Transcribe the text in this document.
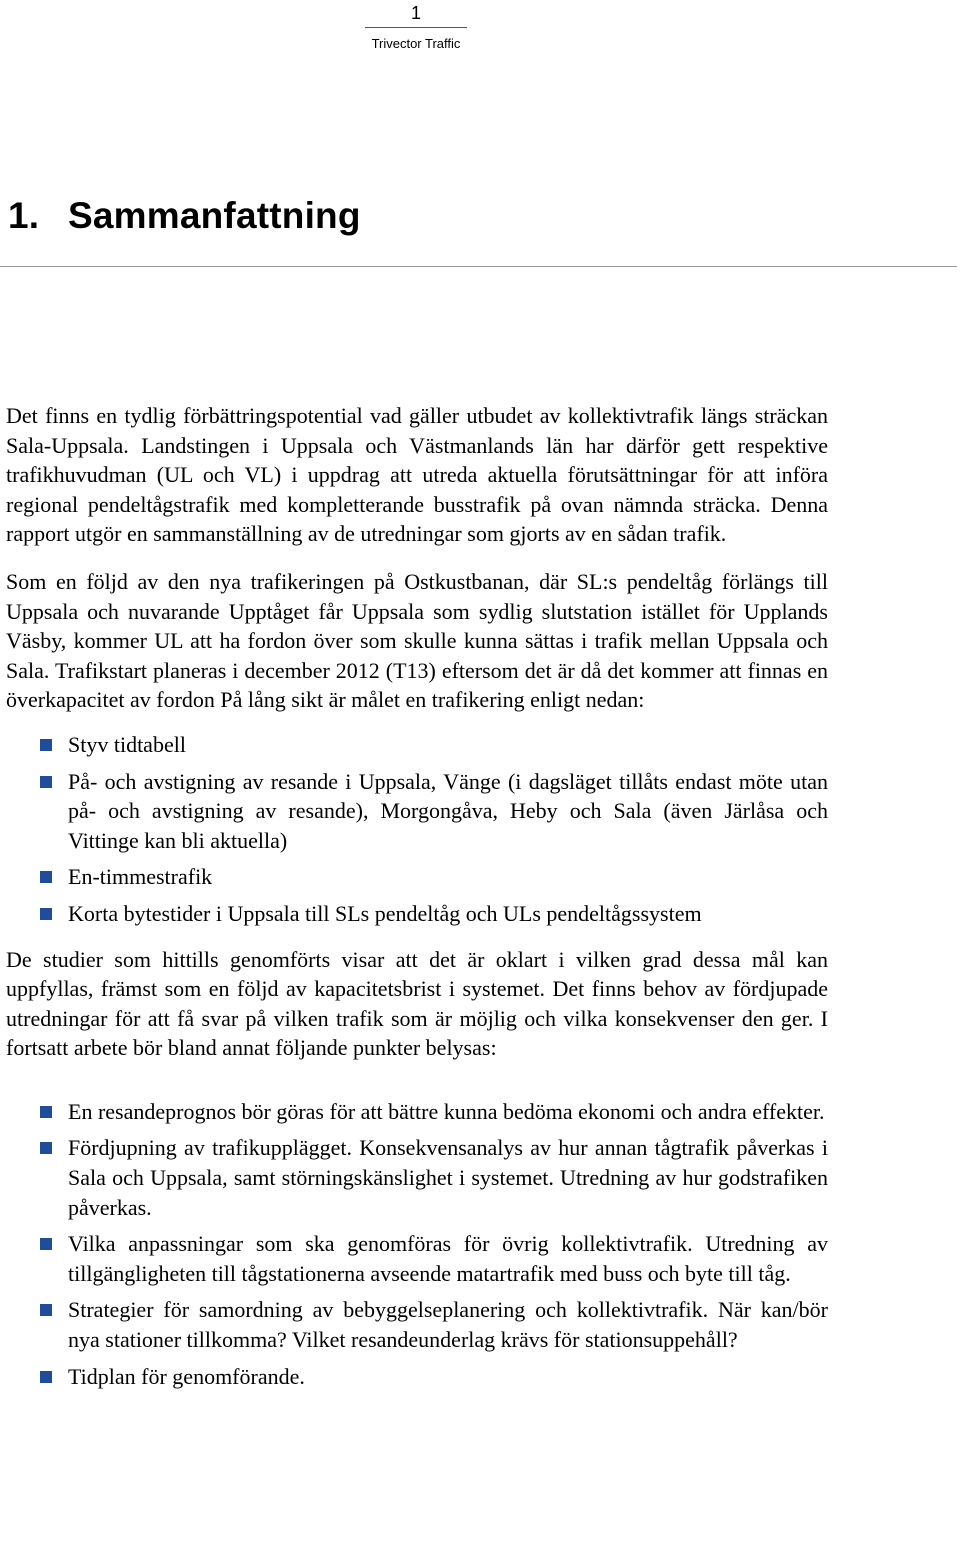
1
Trivector Traffic
1. Sammanfattning

Det finns en tydlig förbättringspotential vad gäller utbudet av kollektivtrafik längs sträckan Sala-Uppsala. Landstingen i Uppsala och Västmanlands län har därför gett respektive trafikhuvudman (UL och VL) i uppdrag att utreda aktuella förutsättningar för att införa regional pendeltågstrafik med kompletterande busstrafik på ovan nämnda sträcka. Denna rapport utgör en sammanställning av de utredningar som gjorts av en sådan trafik.

Som en följd av den nya trafikeringen på Ostkustbanan, där SL:s pendeltåg förlängs till Uppsala och nuvarande Upptåget får Uppsala som sydlig slutstation istället för Upplands Väsby, kommer UL att ha fordon över som skulle kunna sättas i trafik mellan Uppsala och Sala. Trafikstart planeras i december 2012 (T13) eftersom det är då det kommer att finnas en överkapacitet av fordon På lång sikt är målet en trafikering enligt nedan:

Styv tidtabell
På- och avstigning av resande i Uppsala, Vänge (i dagsläget tillåts endast möte utan på- och avstigning av resande), Morgongåva, Heby och Sala (även Järlåsa och Vittinge kan bli aktuella)
En-timmestrafik
Korta bytestider i Uppsala till SLs pendeltåg och ULs pendeltågssystem

De studier som hittills genomförts visar att det är oklart i vilken grad dessa mål kan uppfyllas, främst som en följd av kapacitetsbrist i systemet. Det finns behov av fördjupade utredningar för att få svar på vilken trafik som är möjlig och vilka konsekvenser den ger. I fortsatt arbete bör bland annat följande punkter belysas:

En resandeprognos bör göras för att bättre kunna bedöma ekonomi och andra effekter.
Fördjupning av trafikupplägget. Konsekvensanalys av hur annan tågtrafik påverkas i Sala och Uppsala, samt störningskänslighet i systemet. Utredning av hur godstrafiken påverkas.
Vilka anpassningar som ska genomföras för övrig kollektivtrafik. Utredning av tillgängligheten till tågstationerna avseende matartrafik med buss och byte till tåg.
Strategier för samordning av bebyggelseplanering och kollektivtrafik. När kan/bör nya stationer tillkomma? Vilket resandeunderlag krävs för stationsuppehåll?
Tidplan för genomförande.
